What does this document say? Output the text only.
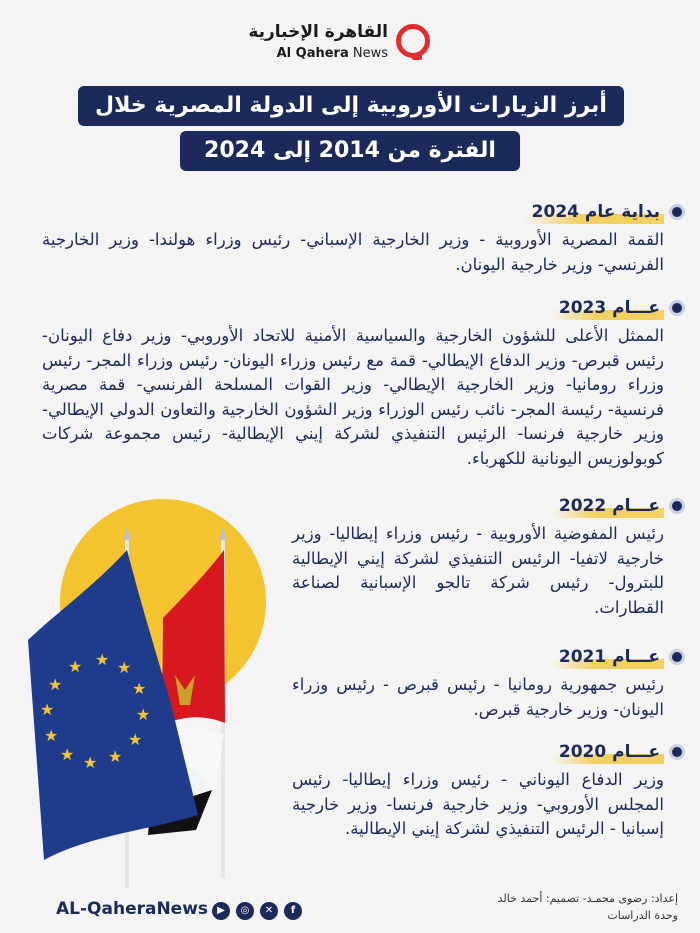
القاهرة الإخبارية
Al Qahera News
أبرز الزيارات الأوروبية إلى الدولة المصرية خلال
الفترة من 2014 إلى 2024
★ ★
★
★
★
★
★
★
★
★
★
★
بداية عام 2024
القمة المصرية الأوروبية - وزير الخارجية الإسباني- رئيس وزراء هولندا- وزير الخارجية الفرنسي- وزير خارجية اليونان.
عـــام 2023
الممثل الأعلى للشؤون الخارجية والسياسية الأمنية للاتحاد الأوروبي- وزير دفاع اليونان- رئيس قبرص- وزير الدفاع الإيطالي- قمة مع رئيس وزراء اليونان- رئيس وزراء المجر- رئيس وزراء رومانيا- وزير الخارجية الإيطالي- وزير القوات المسلحة الفرنسي- قمة مصرية فرنسية- رئيسة المجر- نائب رئيس الوزراء وزير الشؤون الخارجية والتعاون الدولي الإيطالي- وزير خارجية فرنسا- الرئيس التنفيذي لشركة إيني الإيطالية- رئيس مجموعة شركات كوبولوزيس اليونانية للكهرباء.
عـــام 2022
رئيس المفوضية الأوروبية - رئيس وزراء إيطاليا- وزير خارجية لاتفيا- الرئيس التنفيذي لشركة إيني الإيطالية للبترول- رئيس شركة تالجو الإسبانية لصناعة القطارات.
عـــام 2021
رئيس جمهورية رومانيا - رئيس قبرص - رئيس وزراء اليونان- وزير خارجية قبرص.
عـــام 2020
وزير الدفاع اليوناني - رئيس وزراء إيطاليا- رئيس المجلس الأوروبي- وزير خارجية فرنسا- وزير خارجية إسبانيا - الرئيس التنفيذي لشركة إيني الإيطالية.
AL-QaheraNews ▶	◎	✕	f
إعداد: رضوى محمـد- تصميم: أحمد خالد
وحدة الدراسات
